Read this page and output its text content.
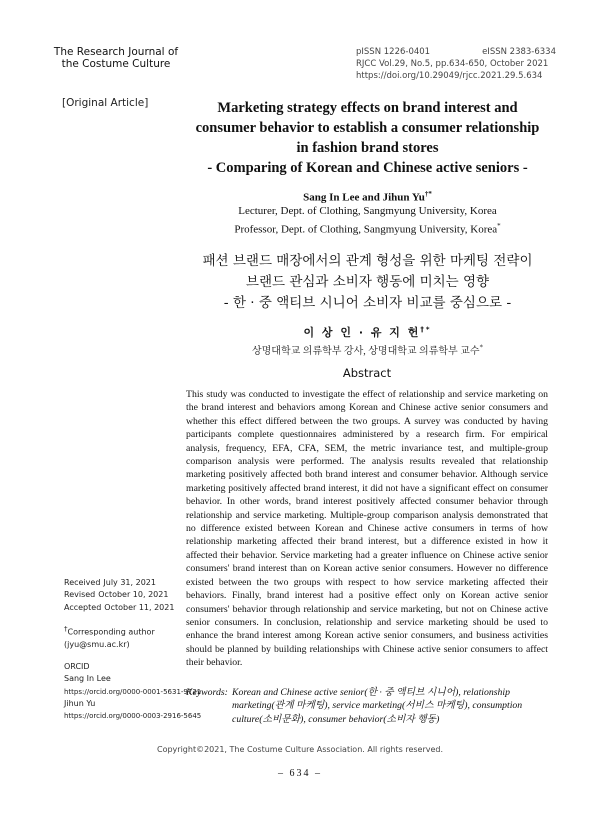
The Research Journal of
the Costume Culture
pISSN 1226-0401	eISSN 2383-6334
RJCC Vol.29, No.5, pp.634-650, October 2021
https://doi.org/10.29049/rjcc.2021.29.5.634
[Original Article]	Marketing strategy effects on brand interest and
consumer behavior to establish a consumer relationship
in fashion brand stores
- Comparing of Korean and Chinese active seniors -
Sang In Lee and Jihun Yu†*
Lecturer, Dept. of Clothing, Sangmyung University, Korea
Professor, Dept. of Clothing, Sangmyung University, Korea*
패션 브랜드 매장에서의 관계 형성을 위한 마케팅 전략이
브랜드 관심과 소비자 행동에 미치는 영향
- 한 · 중 액티브 시니어 소비자 비교를 중심으로 -
이 상 인 · 유 지 헌†*
상명대학교 의류학부 강사, 상명대학교 의류학부 교수*
Abstract
This study was conducted to investigate the effect of relationship and service marketing on the brand interest and behaviors among Korean and Chinese active senior consumers and whether this effect differed between the two groups. A survey was conducted by having participants complete questionnaires administered by a research firm. For empirical analysis, frequency, EFA, CFA, SEM, the metric invariance test, and multiple-group comparison analysis were performed. The analysis results revealed that relationship marketing positively affected both brand interest and consumer behavior. Although service marketing positively affected brand interest, it did not have a significant effect on consumer behavior. In other words, brand interest positively affected consumer behavior through relationship and service marketing. Multiple-group comparison analysis demonstrated that no difference existed between Korean and Chinese active consumers in terms of how relationship marketing affected their brand interest, but a difference existed in how it affected their behavior. Service marketing had a greater influence on Chinese active senior consumers' brand interest than on Korean active senior consumers. However no difference existed between the two groups with respect to how service marketing affected their behaviors. Finally, brand interest had a positive effect only on Korean active senior consumers' behavior through relationship and service marketing, but not on Chinese active senior consumers. In conclusion, relationship and service marketing should be used to enhance the brand interest among Korean active senior consumers, and business activities should be planned by building relationships with Chinese active senior consumers to affect their behavior.
Received July 31, 2021
Revised October 10, 2021
Accepted October 11, 2021
†Corresponding author
(jyu@smu.ac.kr)
ORCID
Sang In Lee
https://orcid.org/0000-0001-5631-9721
Jihun Yu
https://orcid.org/0000-0003-2916-5645
Keywords: Korean and Chinese active senior(한 · 중 액티브 시니어), relationship marketing(관계 마케팅), service marketing(서비스 마케팅), consumption culture(소비문화), consumer behavior(소비자 행동)
Copyright©2021, The Costume Culture Association. All rights reserved.
– 634 –
